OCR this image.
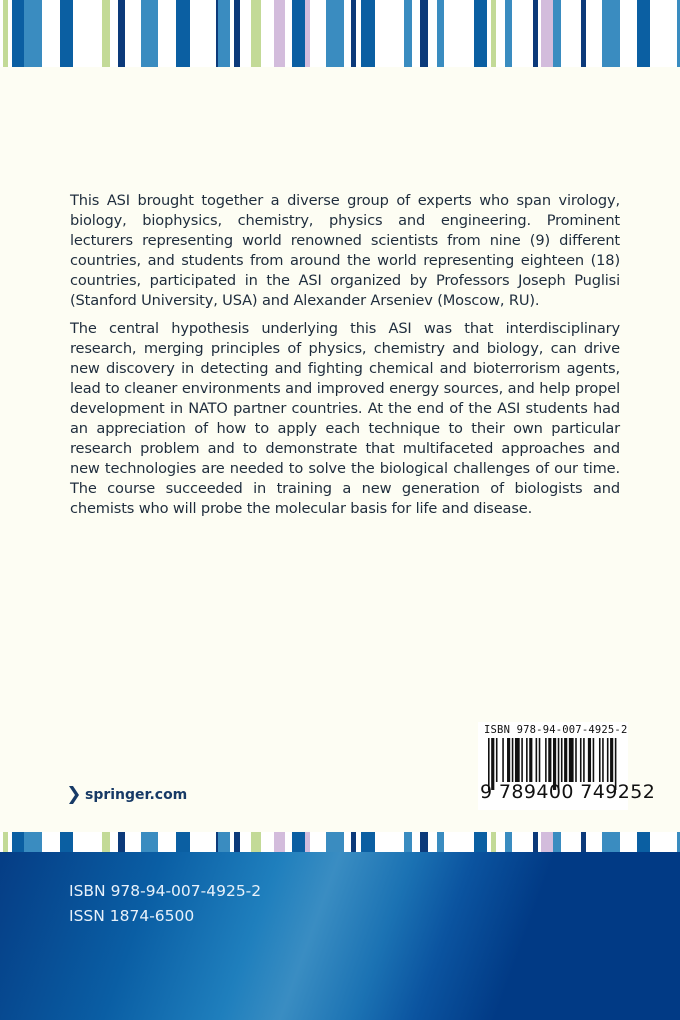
This ASI brought together a diverse group of experts who span virology, biology, biophysics, chemistry, physics and engineering. Prominent lecturers representing world renowned scientists from nine (9) different countries, and students from around the world representing eighteen (18) countries, participated in the ASI organized by Professors Joseph Puglisi (Stanford University, USA) and Alexander Arseniev (Moscow, RU).

The central hypothesis underlying this ASI was that interdisciplinary research, merging principles of physics, chemistry and biology, can drive new discovery in detecting and fighting chemical and bioterrorism agents, lead to cleaner environments and improved energy sources, and help propel development in NATO partner countries. At the end of the ASI students had an appreciation of how to apply each technique to their own particular research problem and to demonstrate that multifaceted approaches and new technologies are needed to solve the biological challenges of our time. The course succeeded in training a new generation of biologists and chemists who will probe the molecular basis for life and disease.

ISBN 978-94-007-4925-2
9 789400 749252
springer.com
ISBN 978-94-007-4925-2
ISSN 1874-6500
